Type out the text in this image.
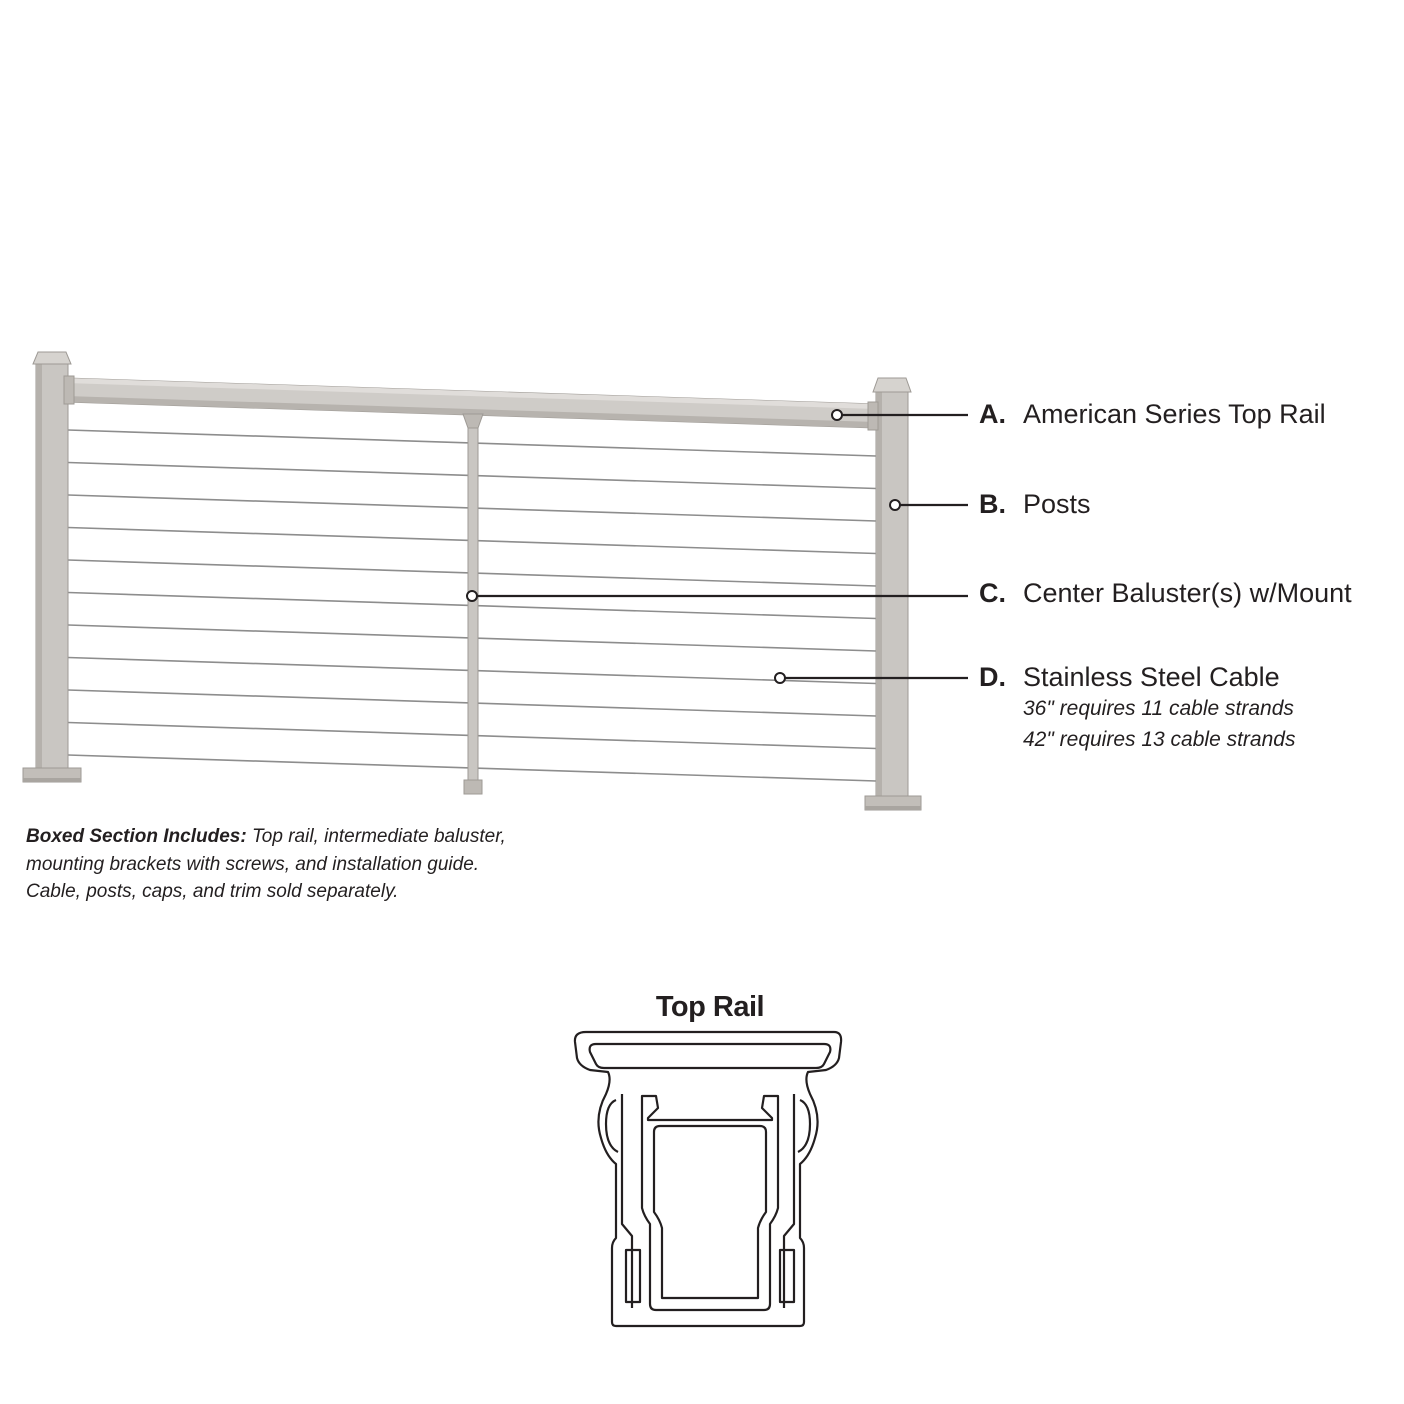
A. American Series Top Rail
B. Posts
C. Center Baluster(s) w/Mount
D. Stainless Steel Cable
36" requires 11 cable strands
42" requires 13 cable strands
Boxed Section Includes: Top rail, intermediate baluster,
mounting brackets with screws, and installation guide.
Cable, posts, caps, and trim sold separately.
Top Rail
